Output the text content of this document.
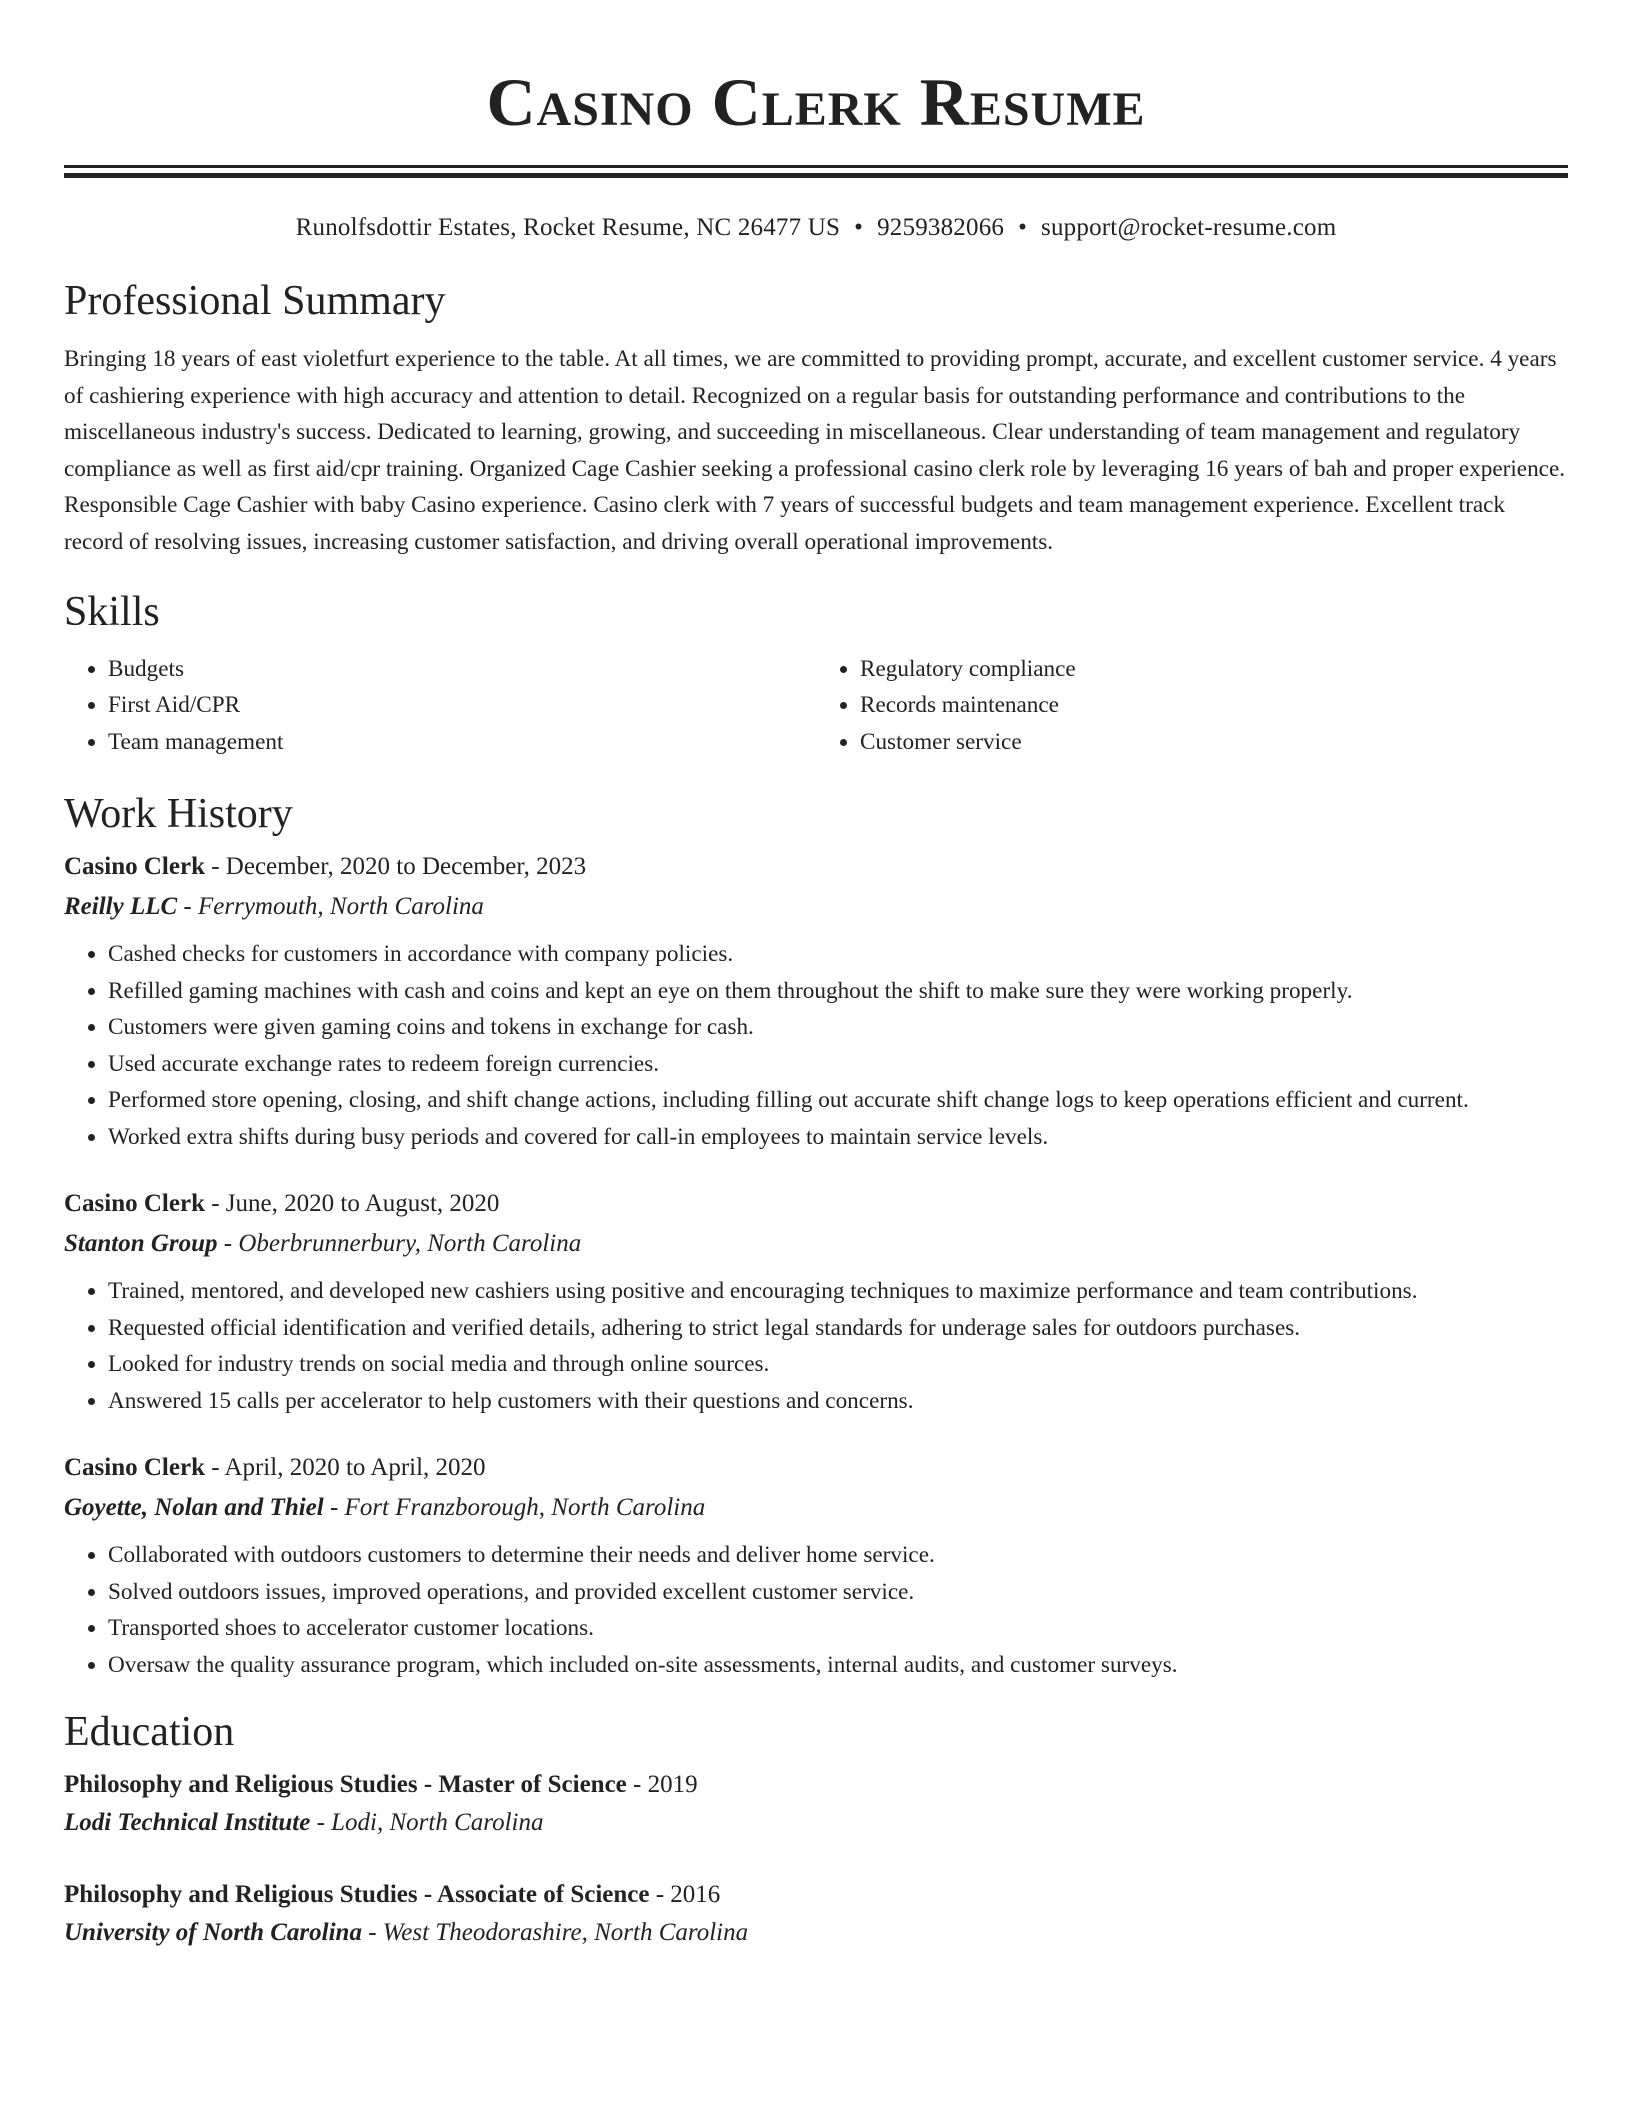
Casino Clerk Resume
Runolfsdottir Estates, Rocket Resume, NC 26477 US • 9259382066 • support@rocket-resume.com
Professional Summary

Bringing 18 years of east violetfurt experience to the table. At all times, we are committed to providing prompt, accurate, and excellent customer service. 4 years of cashiering experience with high accuracy and attention to detail. Recognized on a regular basis for outstanding performance and contributions to the miscellaneous industry's success. Dedicated to learning, growing, and succeeding in miscellaneous. Clear understanding of team management and regulatory compliance as well as first aid/cpr training. Organized Cage Cashier seeking a professional casino clerk role by leveraging 16 years of bah and proper experience. Responsible Cage Cashier with baby Casino experience. Casino clerk with 7 years of successful budgets and team management experience. Excellent track record of resolving issues, increasing customer satisfaction, and driving overall operational improvements.

Skills
• Budgets
• First Aid/CPR
• Team management
• Regulatory compliance
• Records maintenance
• Customer service
Work History
Casino Clerk - December, 2020 to December, 2023
Reilly LLC - Ferrymouth, North Carolina
• Cashed checks for customers in accordance with company policies.
• Refilled gaming machines with cash and coins and kept an eye on them throughout the shift to make sure they were working properly.
• Customers were given gaming coins and tokens in exchange for cash.
• Used accurate exchange rates to redeem foreign currencies.
• Performed store opening, closing, and shift change actions, including filling out accurate shift change logs to keep operations efficient and current.
• Worked extra shifts during busy periods and covered for call-in employees to maintain service levels.
Casino Clerk - June, 2020 to August, 2020
Stanton Group - Oberbrunnerbury, North Carolina
• Trained, mentored, and developed new cashiers using positive and encouraging techniques to maximize performance and team contributions.
• Requested official identification and verified details, adhering to strict legal standards for underage sales for outdoors purchases.
• Looked for industry trends on social media and through online sources.
• Answered 15 calls per accelerator to help customers with their questions and concerns.
Casino Clerk - April, 2020 to April, 2020
Goyette, Nolan and Thiel - Fort Franzborough, North Carolina
• Collaborated with outdoors customers to determine their needs and deliver home service.
• Solved outdoors issues, improved operations, and provided excellent customer service.
• Transported shoes to accelerator customer locations.
• Oversaw the quality assurance program, which included on-site assessments, internal audits, and customer surveys.
Education
Philosophy and Religious Studies - Master of Science - 2019
Lodi Technical Institute - Lodi, North Carolina
Philosophy and Religious Studies - Associate of Science - 2016
University of North Carolina - West Theodorashire, North Carolina
